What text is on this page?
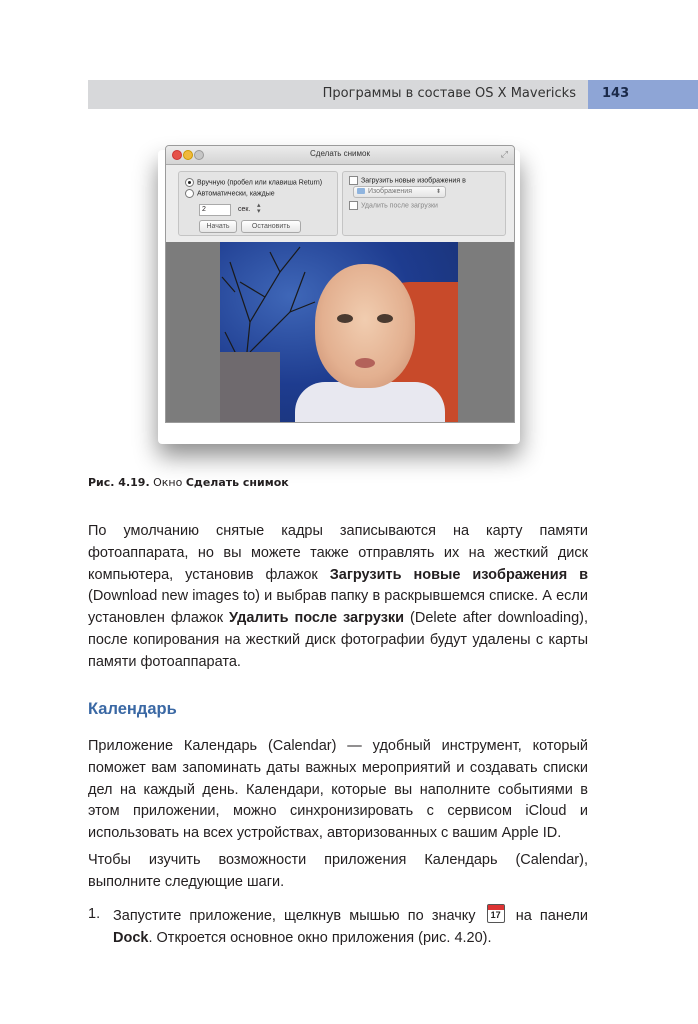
Программы в составе OS X Mavericks 143
Сделать снимок	⤢
Вручную (пробел или клавиша Return)
Автоматически, каждые
2	сек.
▴
▾
Начать	Остановить
Загрузить новые изображения в
Изображения	⬍
Удалить после загрузки
Рис. 4.19. Окно Сделать снимок
По умолчанию снятые кадры записываются на карту памяти фотоаппарата, но вы можете также отправлять их на жесткий диск компьютера, установив флажок Загрузить новые изображения в (Download new images to) и выбрав папку в раскрывшемся списке. А если установлен флажок Удалить после загрузки (Delete after downloading), после копирования на жесткий диск фотографии будут удалены с карты памяти фотоаппарата.
Календарь
Приложение Календарь (Calendar) — удобный инструмент, который поможет вам запоминать даты важных мероприятий и создавать списки дел на каждый день. Календари, которые вы наполните событиями в этом приложении, можно синхронизировать с сервисом iCloud и использовать на всех устройствах, авторизованных с вашим Apple ID.
Чтобы изучить возможности приложения Календарь (Calendar), выполните следующие шаги.
1. Запустите приложение, щелкнув мышью по значку	17 на панели Dock. Откроется основное окно приложения (рис. 4.20).
